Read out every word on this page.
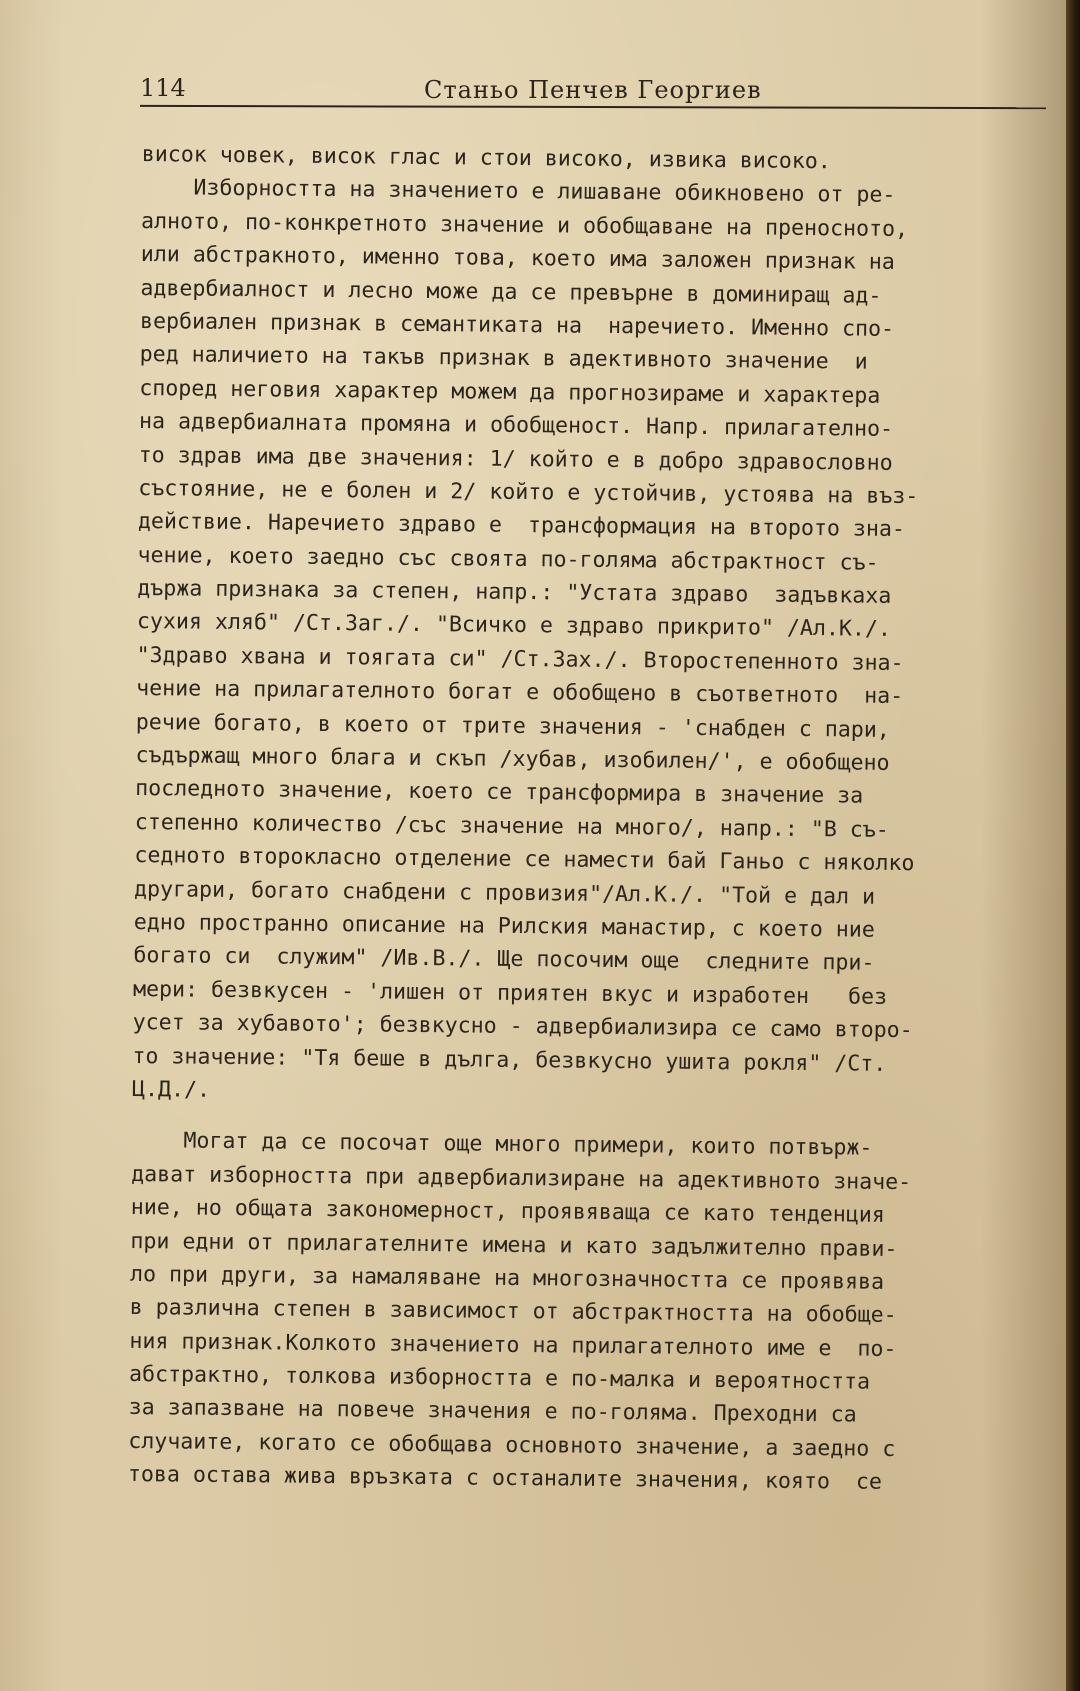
114	Станьо Пенчев Георгиев
висок човек, висок глас и стои високо, извика високо.
Изборността на значението е лишаване обикновено от ре-
алното, по-конкретното значение и обобщаване на преносното,
или абстракното, именно това, което има заложен признак на
адвербиалност и лесно може да се превърне в доминиращ ад-
вербиален признак в семантиката на  наречието. Именно спо-
ред наличието на такъв признак в адективното значение  и
според неговия характер можем да прогнозираме и характера
на адвербиалната промяна и обобщеност. Напр. прилагателно-
то здрав има две значения: 1/ който е в добро здравословно
състояние, не е болен и 2/ който е устойчив, устоява на въз-
действие. Наречието здраво е  трансформация на второто зна-
чение, което заедно със своята по-голяма абстрактност съ-
държа признака за степен, напр.: "Устата здраво  задъвкаха
сухия хляб" /Ст.Заг./. "Всичко е здраво прикрито" /Ал.К./.
"Здраво хвана и тоягата си" /Ст.Зах./. Второстепенното зна-
чение на прилагателното богат е обобщено в съответното  на-
речие богато, в което от трите значения - 'снабден с пари,
съдържащ много блага и скъп /хубав, изобилен/', е обобщено
последното значение, което се трансформира в значение за
степенно количество /със значение на много/, напр.: "В съ-
седното второкласно отделение се намести бай Ганьо с няколко
другари, богато снабдени с провизия"/Ал.К./. "Той е дал и
едно пространно описание на Рилския манастир, с което ние
богато си  служим" /Ив.В./. Ще посочим още  следните при-
мери: безвкусен - 'лишен от приятен вкус и изработен   без
усет за хубавото'; безвкусно - адвербиализира се само второ-
то значение: "Тя беше в дълга, безвкусно ушита рокля" /Ст.
Ц.Д./.
Могат да се посочат още много примери, които потвърж-
дават изборността при адвербиализиране на адективното значе-
ние, но общата закономерност, проявяваща се като тенденция
при едни от прилагателните имена и като задължително прави-
ло при други, за намаляване на многозначността се проявява
в различна степен в зависимост от абстрактността на обобще-
ния признак.Колкото значението на прилагателното име е  по-
абстрактно, толкова изборността е по-малка и вероятността
за запазване на повече значения е по-голяма. Преходни са
случаите, когато се обобщава основното значение, а заедно с
това остава жива връзката с останалите значения, която  се
